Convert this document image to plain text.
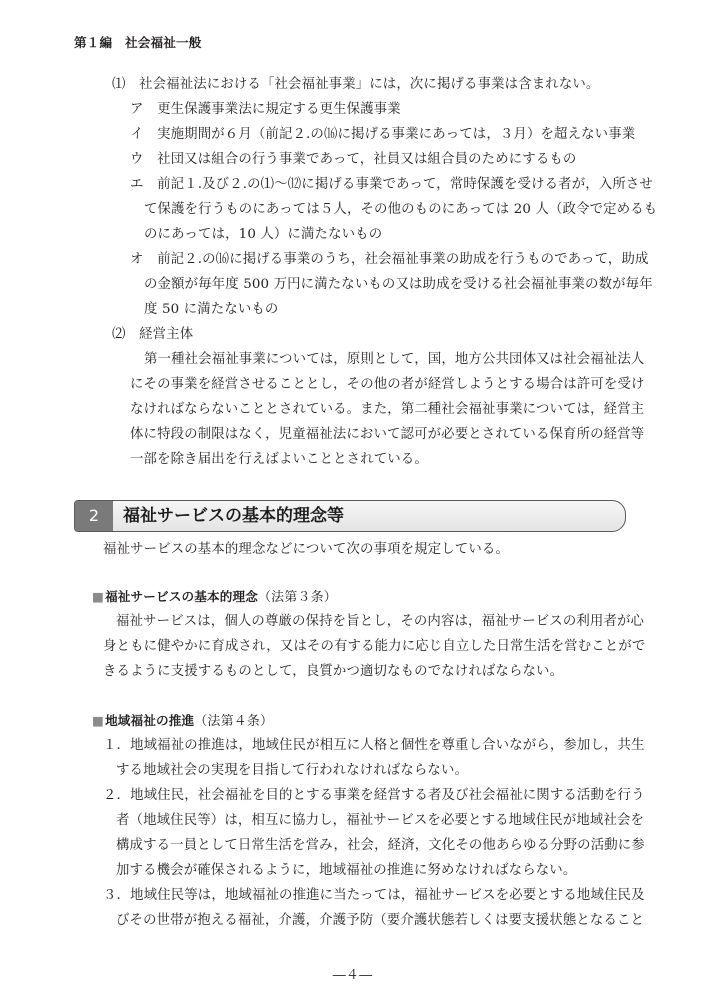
第１編　社会福祉一般
⑴　社会福祉法における「社会福祉事業」には，次に掲げる事業は含まれない。
ア　更生保護事業法に規定する更生保護事業
イ　実施期間が６月（前記２.の⒃に掲げる事業にあっては，３月）を超えない事業
ウ　社団又は組合の行う事業であって，社員又は組合員のためにするもの
エ　前記１.及び２.の⑴～⑿に掲げる事業であって，常時保護を受ける者が，入所させ
て保護を行うものにあっては５人，その他のものにあっては 20 人（政令で定めるも
のにあっては，10 人）に満たないもの
オ　前記２.の⒃に掲げる事業のうち，社会福祉事業の助成を行うものであって，助成
の金額が毎年度 500 万円に満たないもの又は助成を受ける社会福祉事業の数が毎年
度 50 に満たないもの
⑵　経営主体
第一種社会福祉事業については，原則として，国，地方公共団体又は社会福祉法人
にその事業を経営させることとし，その他の者が経営しようとする場合は許可を受け
なければならないこととされている。また，第二種社会福祉事業については，経営主
体に特段の制限はなく，児童福祉法において認可が必要とされている保育所の経営等
一部を除き届出を行えばよいこととされている。
2	福祉サービスの基本的理念等
福祉サービスの基本的理念などについて次の事項を規定している。
■福祉サービスの基本的理念（法第３条）
福祉サービスは，個人の尊厳の保持を旨とし，その内容は，福祉サービスの利用者が心
身ともに健やかに育成され，又はその有する能力に応じ自立した日常生活を営むことがで
きるように支援するものとして，良質かつ適切なものでなければならない。
■地域福祉の推進（法第４条）
１．地域福祉の推進は，地域住民が相互に人格と個性を尊重し合いながら，参加し，共生
する地域社会の実現を目指して行われなければならない。
２．地域住民，社会福祉を目的とする事業を経営する者及び社会福祉に関する活動を行う
者（地域住民等）は，相互に協力し，福祉サービスを必要とする地域住民が地域社会を
構成する一員として日常生活を営み，社会，経済，文化その他あらゆる分野の活動に参
加する機会が確保されるように，地域福祉の推進に努めなければならない。
３．地域住民等は，地域福祉の推進に当たっては，福祉サービスを必要とする地域住民及
びその世帯が抱える福祉，介護，介護予防（要介護状態若しくは要支援状態となること
―４―
